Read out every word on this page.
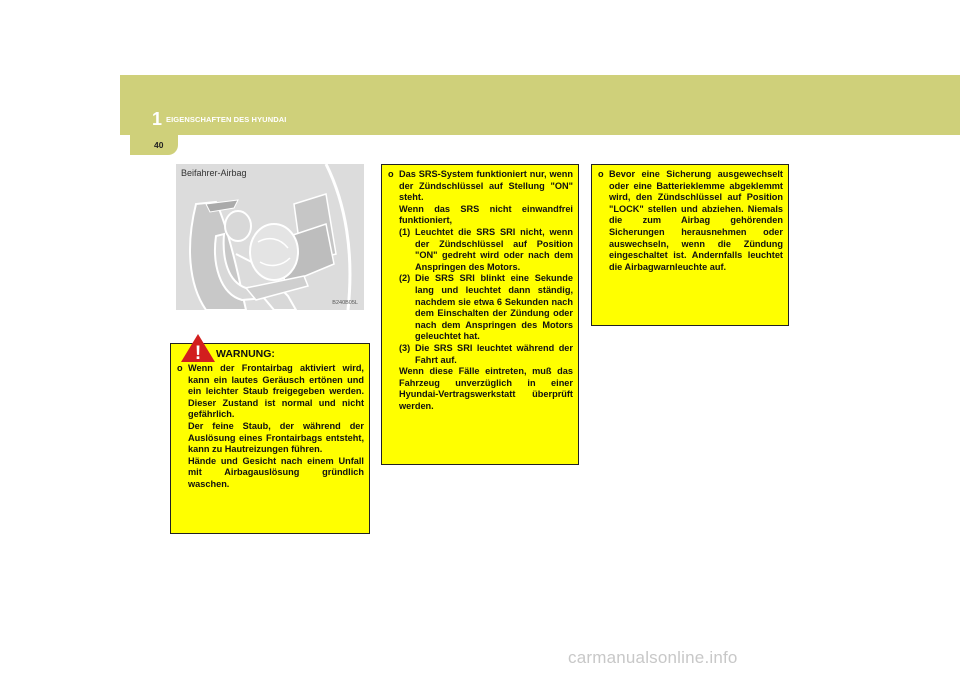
1 EIGENSCHAFTEN DES HYUNDAI
40
Beifahrer-Airbag
B240B05L
o Wenn der Frontairbag aktiviert wird, kann ein lautes Geräusch ertönen und ein leichter Staub freigegeben werden. Dieser Zustand ist normal und nicht gefährlich.

Der feine Staub, der während der Auslösung eines Frontairbags entsteht, kann zu Hautreizungen führen.

Hände und Gesicht nach einem Unfall mit Airbagauslösung gründlich waschen.

! WARNUNG:
o Das SRS-System funktioniert nur, wenn der Zündschlüssel auf Stellung "ON" steht.

Wenn das SRS nicht einwandfrei funktioniert,

(1) Leuchtet die SRS SRI nicht, wenn der Zündschlüssel auf Position "ON" gedreht wird oder nach dem Anspringen des Motors.
(2) Die SRS SRI blinkt eine Sekunde lang und leuchtet dann ständig, nachdem sie etwa 6 Sekunden nach dem Einschalten der Zündung oder nach dem Anspringen des Motors geleuchtet hat.
(3) Die SRS SRI leuchtet während der Fahrt auf.

Wenn diese Fälle eintreten, muß das Fahrzeug unverzüglich in einer Hyundai-Vertragswerkstatt überprüft werden.

o Bevor eine Sicherung ausgewechselt oder eine Batterieklemme abgeklemmt wird, den Zündschlüssel auf Position "LOCK" stellen und abziehen. Niemals die zum Airbag gehörenden Sicherungen herausnehmen oder auswechseln, wenn die Zündung eingeschaltet ist. Andernfalls leuchtet die Airbagwarnleuchte auf.
carmanualsonline.info
